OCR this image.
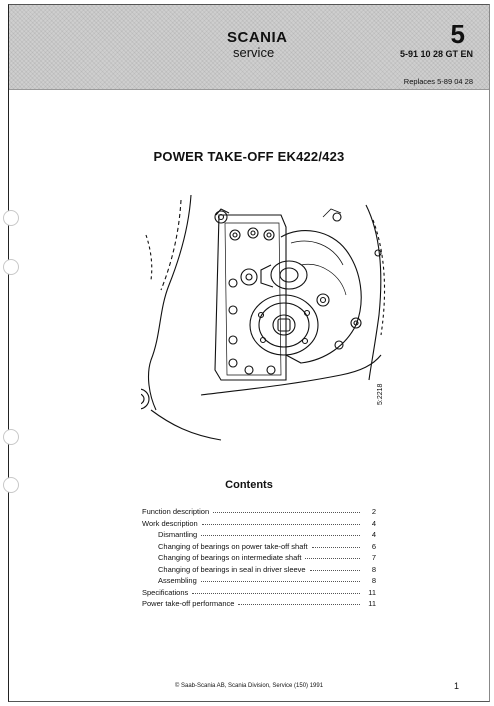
SCANIA
service
5
5-91 10 28 GT EN
Replaces 5-89 04 28
POWER TAKE-OFF EK422/423
5:2218
Contents
Function description	2
Work description	4
Dismantling	4
Changing of bearings on power take-off shaft	6
Changing of bearings on intermediate shaft	7
Changing of bearings in seal in driver sleeve	8
Assembling	8
Specifications	11
Power take-off performance	11
© Saab-Scania AB, Scania Division, Service (150) 1991	1
